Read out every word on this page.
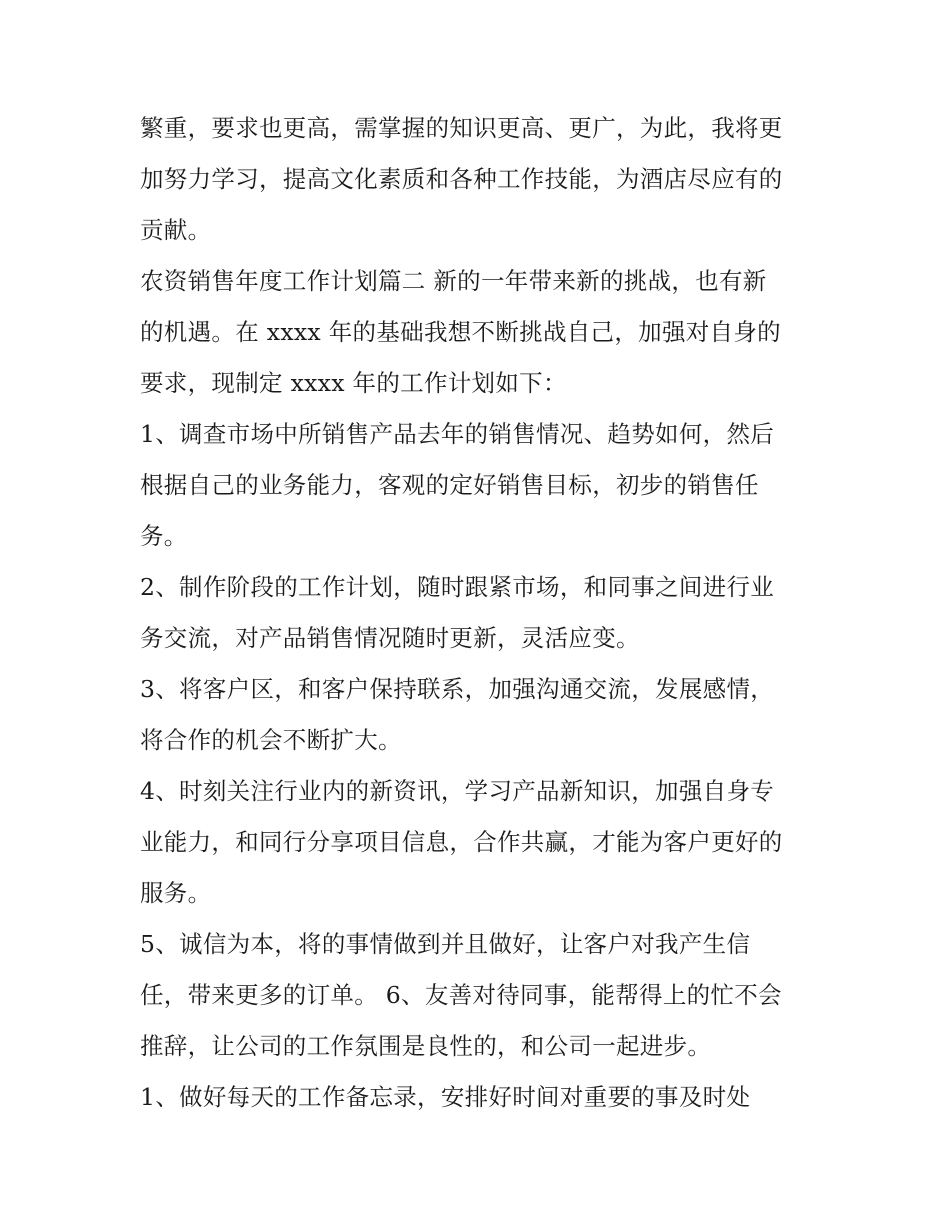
繁重，要求也更高，需掌握的知识更高、更广，为此，我将更
加努力学习，提高文化素质和各种工作技能，为酒店尽应有的
贡献。
农资销售年度工作计划篇二 新的一年带来新的挑战，也有新
的机遇。在 xxxx 年的基础我想不断挑战自己，加强对自身的
要求，现制定 xxxx 年的工作计划如下：
1、调查市场中所销售产品去年的销售情况、趋势如何，然后
根据自己的业务能力，客观的定好销售目标，初步的销售任
务。
2、制作阶段的工作计划，随时跟紧市场，和同事之间进行业
务交流，对产品销售情况随时更新，灵活应变。
3、将客户区，和客户保持联系，加强沟通交流，发展感情，
将合作的机会不断扩大。
4、时刻关注行业内的新资讯，学习产品新知识，加强自身专
业能力，和同行分享项目信息，合作共赢，才能为客户更好的
服务。
5、诚信为本，将的事情做到并且做好，让客户对我产生信
任，带来更多的订单。 6、友善对待同事，能帮得上的忙不会
推辞，让公司的工作氛围是良性的，和公司一起进步。
1、做好每天的工作备忘录，安排好时间对重要的事及时处
